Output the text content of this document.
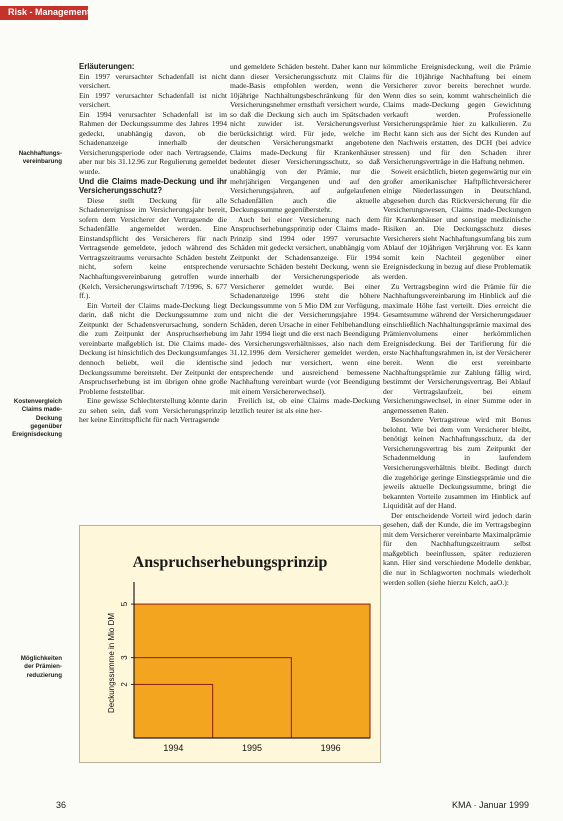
Risk - Management
Nachhaftungs-
vereinbarung
Kostenvergleich
Claims made-
Deckung
gegenüber
Ereignisdeckung
Möglichkeiten
der Prämien-
reduzierung

Erläuterungen:

Ein 1997 verursachter Schadenfall ist nicht versichert.

Ein 1997 verursachter Schadenfall ist nicht versichert.

Ein 1994 verursachter Schadenfall ist im Rahmen der Deckungssumme des Jahres 1994 gedeckt, unabhängig davon, ob die Schadenanzeige innerhalb der Versicherungsperiode oder nach Vertragsende, aber nur bis 31.12.96 zur Regulierung gemeldet wurde.

Und die Claims made-Deckung und ihr Versicherungsschutz?

Diese stellt Deckung für alle Schadenereignisse im Versicherungsjahr bereit, sofern dem Versicherer der Vertragsende die Schadenfälle angemeldet werden. Eine Einstandspflicht des Versicherers für nach Vertragsende gemeldete, jedoch während des Vertragszeitraums verursachte Schäden besteht nicht, sofern keine entsprechende Nachhaftungsvereinbarung getroffen wurde (Kelch, Versicherungswirtschaft 7/1996, S. 677 ff.).

Ein Vorteil der Claims made-Deckung liegt darin, daß nicht die Deckungssumme zum Zeitpunkt der Schadensverursachung, sondern die zum Zeitpunkt der Anspruchserhebung vereinbarte maßgeblich ist. Die Claims made-Deckung ist hinsichtlich des Deckungsumfanges dennoch beliebt, weil die identische Deckungssumme bereitsteht. Der Zeitpunkt der Anspruchserhebung ist im übrigen ohne große Probleme feststellbar.

Eine gewisse Schlechterstellung könnte darin zu sehen sein, daß vom Versicherungsprinzip her keine Einrittspflicht für nach Vertragsende

und gemeldete Schäden besteht. Daher kann nur dann dieser Versicherungsschutz mit Claims made-Basis empfohlen werden, wenn die 10jährige Nachhaltungsbeschränkung für den Versicherungsnehmer ernsthaft versichert wurde, so daß die Deckung sich auch im Spätschaden nicht zuwider ist. Versicherungsverlust berücksichtigt wird. Für jede, welche im deutschen Versicherungsmarkt angebotene Claims made-Deckung für Krankenhäuser bedeutet dieser Versicherungsschutz, so daß unabhängig von der Prämie, nur die mehrjährigen Vergangenen und auf den Versicherungsjahren, auf aufgelaufenen Schadenfällen auch die aktuelle Deckungssumme gegenübersteht.

Auch bei einer Versicherung nach dem Anspruchserhebungsprinzip oder Claims made-Prinzip sind 1994 oder 1997 verursachte Schäden mit gedeckt versichert, unabhängig vom Zeitpunkt der Schadensanzeige. Für 1994 verursachte Schäden besteht Deckung, wenn sie innerhalb der Versicherungsperiode als Versicherer gemeldet wurde. Bei einer Schadenanzeige 1996 steht die höhere Deckungssumme von 5 Mio DM zur Verfügung, und nicht die der Versicherungsjahre 1994. Schäden, deren Ursache in einer Fehlbehandlung im Jahr 1994 liegt und die erst nach Beendigung des Versicherungsverhältnisses, also nach dem 31.12.1996 dem Versicherer gemeldet werden, sind jedoch nur versichert, wenn eine entsprechende und ausreichend bemessene Nachhaftung vereinbart wurde (vor Beendigung mit einem Versichererwechsel).

Freilich ist, ob eine Claims made-Deckung letztlich teurer ist als eine her-

kömmliche Ereignisdeckung, weil die Prämie für die 10jährige Nachhaftung bei einem Versicherer zuvor bereits berechnet wurde. Wenn dies so sein, kommt wahrscheinlich die Claims made-Deckung gegen Gewichtung verkauft werden. Professionelle Versicherungsprämie hier zu kalkulieren. Zu Recht kann sich aus der Sicht des Kunden auf den Nachweis erstatten, des DCH (bei advice stressen) und für den Schaden ihrer Versicherungsverträge in die Haftung nehmen.

Soweit ersichtlich, bieten gegenwärtig nur ein großer amerikanischer Haftpflichtversicherer einige Niederlassungen in Deutschland, abgesehen durch das Rückversicherung für die Versicherungswesen, Claims made-Deckungen für Krankenhäuser und sonstige medizinische Risiken an. Die Deckungsschutz dieses Versicherers sieht Nachhaftungsumfang bis zum Ablauf der 10jährigen Verjährung vor. Es kann somit kein Nachteil gegenüber einer Ereignisdeckung in bezug auf diese Problematik werden.

Zu Vertragsbeginn wird die Prämie für die Nachhaftungsvereinbarung im Hinblick auf die maximale Höhe fast verteilt. Dies erreicht die Gesamtsumme während der Versicherungsdauer einschließlich Nachhaltungsprämie maximal des Prämienvolumens einer herkömmlichen Ereignisdeckung. Bei der Tarifierung für die erste Nachhaftungsrahmen in, ist der Versicherer bereit. Wenn die erst vereinbarte Nachhaftungsprämie zur Zahlung fällig wird, bestimmt der Versicherungsvertrag. Bei Ablauf der Vertragslaufzeit, bei einem Versicherungswechsel, in einer Summe oder in angemessenen Raten.

Besondere Vertragstreue wird mit Bonus belohnt. Wie bei dem vom Versicherer bleibt, benötigt keinen Nachhaftungsschutz, da der Versicherungsvertrag bis zum Zeitpunkt der Schadenmeldung in laufendem Versicherungsverhältnis bleibt. Bedingt durch die zugehörige geringe Einstiegsprämie und die jeweils aktuelle Deckungssumme, bringt die bekannten Vorteile zusammen im Hinblick auf Liquidität auf der Hand.

Der entscheidende Vorteil wird jedoch darin gesehen, daß der Kunde, die im Vertragsbeginn mit dem Versicherer vereinbarte Maximalprämie für den Nachhaftungszeitraum selbst maßgeblich beeinflussen, später reduzieren kann. Hier sind verschiedene Modelle denkbar, die nur in Schlagworten nochmals wiederholt werden sollen (siehe hierzu Kelch, aaO.):

2
3
5
Deckungssumme in Mio DM
1994	1995	1996
Anspruchserhebungsprinzip
36	KMA · Januar 1999
